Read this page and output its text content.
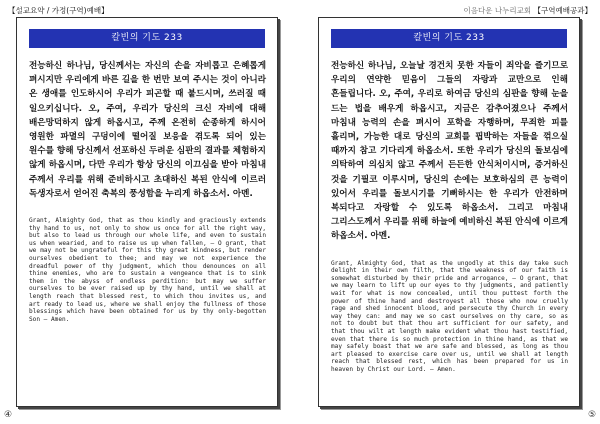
【설교요약 / 가정(구역)예배】	이음다운 나누리교회 【구역예배공과】
칼빈의 기도 233
전능하신 하나님, 당신께서는 자신의 손을 자비롭고 은혜롭게 펴시지만 우리에게 바른 길을 한 번만 보여 주시는 것이 아니라 온 생애를 인도하시어 우리가 피곤할 때 붙드시며, 쓰러질 때 일으키십니다. 오, 주여, 우리가 당신의 크신 자비에 대해 배은망덕하지 않게 하옵시고, 주께 온전히 순종하게 하시어 영원한 파멸의 구덩이에 떨어질 보응을 겪도록 되어 있는 원수를 향해 당신께서 선포하신 두려운 심판의 결과를 체험하지 않게 하옵시며, 다만 우리가 항상 당신의 이끄심을 받아 마침내 주께서 우리를 위해 준비하시고 초대하신 복된 안식에 이르러 독생자로서 얻어진 축복의 풍성함을 누리게 하옵소서. 아멘.
Grant, Almighty God, that as thou kindly and graciously extends thy hand to us, not only to show us once for all the right way, but also to lead us through our whole life, and even to sustain us when wearied, and to raise us up when fallen, — O grant, that we may not be ungrateful for this thy great kindness, but render ourselves obedient to thee; and may we not experience the dreadful power of thy judgment, which thou denounces on all thine enemies, who are to sustain a vengeance that is to sink them in the abyss of endless perdition: but may we suffer ourselves to be ever raised up by thy hand, until we shall at length reach that blessed rest, to which thou invites us, and art ready to lead us, where we shall enjoy the fullness of those blessings which have been obtained for us by thy only-begotten Son — Amen.
칼빈의 기도 233
전능하신 하나님, 오늘날 경건치 못한 자들이 죄악을 즐기므로 우리의 연약한 믿음이 그들의 자랑과 교만으로 인해 흔들립니다. 오, 주여, 우리로 하여금 당신의 심판을 향해 눈을 드는 법을 배우게 하옵시고, 지금은 감추어졌으나 주께서 마침내 능력의 손을 펴시어 포학을 자행하며, 무죄한 피를 흘리며, 가능한 대로 당신의 교회를 핍박하는 자들을 꺾으실 때까지 참고 기다리게 하옵소서. 또한 우리가 당신의 돌보심에 의탁하여 의심치 않고 주께서 든든한 안식처이시며, 증거하신 것을 기필코 이루시며, 당신의 손에는 보호하심의 큰 능력이 있어서 우리를 돌보시기를 기뻐하시는 한 우리가 안전하며 복되다고 자랑할 수 있도록 하옵소서. 그리고 마침내 그리스도께서 우리를 위해 하늘에 예비하신 복된 안식에 이르게 하옵소서. 아멘.
Grant, Almighty God, that as the ungodly at this day take such delight in their own filth, that the weakness of our faith is somewhat disturbed by their pride and arrogance, — O grant, that we may learn to lift up our eyes to thy judgments, and patiently wait for what is now concealed, until thou puttest forth the power of thine hand and destroyest all those who now cruelly rage and shed innocent blood, and persecute thy Church in every way they can: and may we so cast ourselves on thy care, so as not to doubt but that thou art sufficient for our safety, and that thou wilt at length make evident what thou hast testified, even that there is so much protection in thine hand, as that we may safely boast that we are safe and blessed, as long as thou art pleased to exercise care over us, until we shall at length reach that blessed rest, which has been prepared for us in heaven by Christ our Lord. — Amen.
④	⑤
